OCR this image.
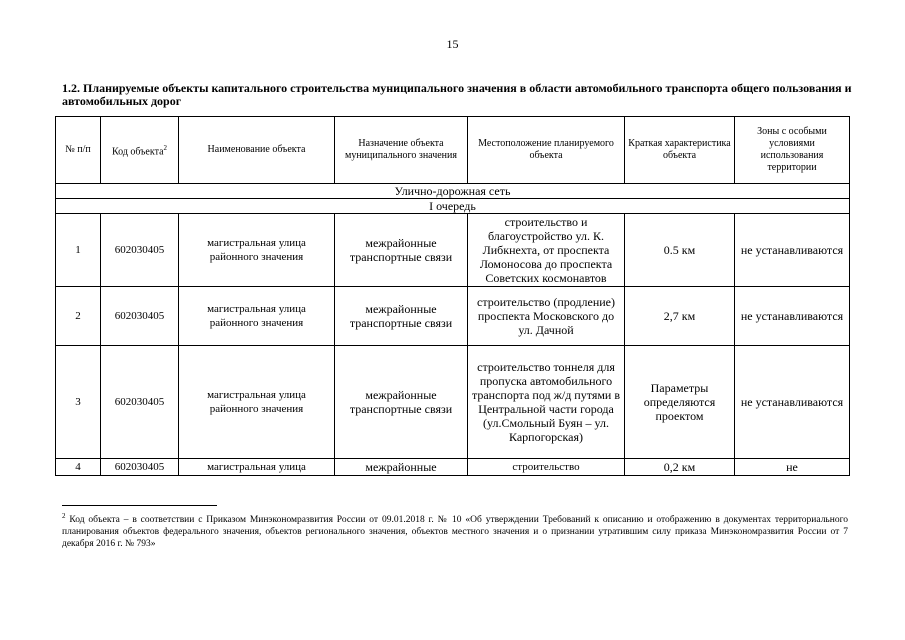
15
1.2. Планируемые объекты капитального строительства муниципального значения в области автомобильного транспорта общего пользования и автомобильных дорог
№ п/п	Код объекта$^2$	Наименование объекта	Назначение объекта муниципального значения	Местоположение планируемого объекта	Краткая характеристика объекта	Зоны с особыми условиями использования территории
Улично-дорожная сеть						
I очередь						
1	602030405	магистральная улица районного значения	межрайонные транспортные связи	строительство и благоустройство ул. К. Либкнехта, от проспекта Ломоносова до проспекта Советских космонавтов	0.5 км	не устанавливаются
2	602030405	магистральная улица районного значения	межрайонные транспортные связи	строительство (продление) проспекта Московского до ул. Дачной	2,7 км	не устанавливаются
3	602030405	магистральная улица районного значения	межрайонные транспортные связи	строительство тоннеля для пропуска автомобильного транспорта под ж/д путями в Центральной части города (ул.Смольный Буян – ул. Карпогорская)	Параметры определяются проектом	не устанавливаются
4	602030405	магистральная улица	межрайонные	строительство	0,2 км	не
$^2$ Код объекта – в соответствии с Приказом Минэкономразвития России от 09.01.2018 г. № 10 «Об утверждении Требований к описанию и отображению в документах территориального планирования объектов федерального значения, объектов регионального значения, объектов местного значения и о признании утратившим силу приказа Минэкономразвития России от 7 декабря 2016 г. № 793»
